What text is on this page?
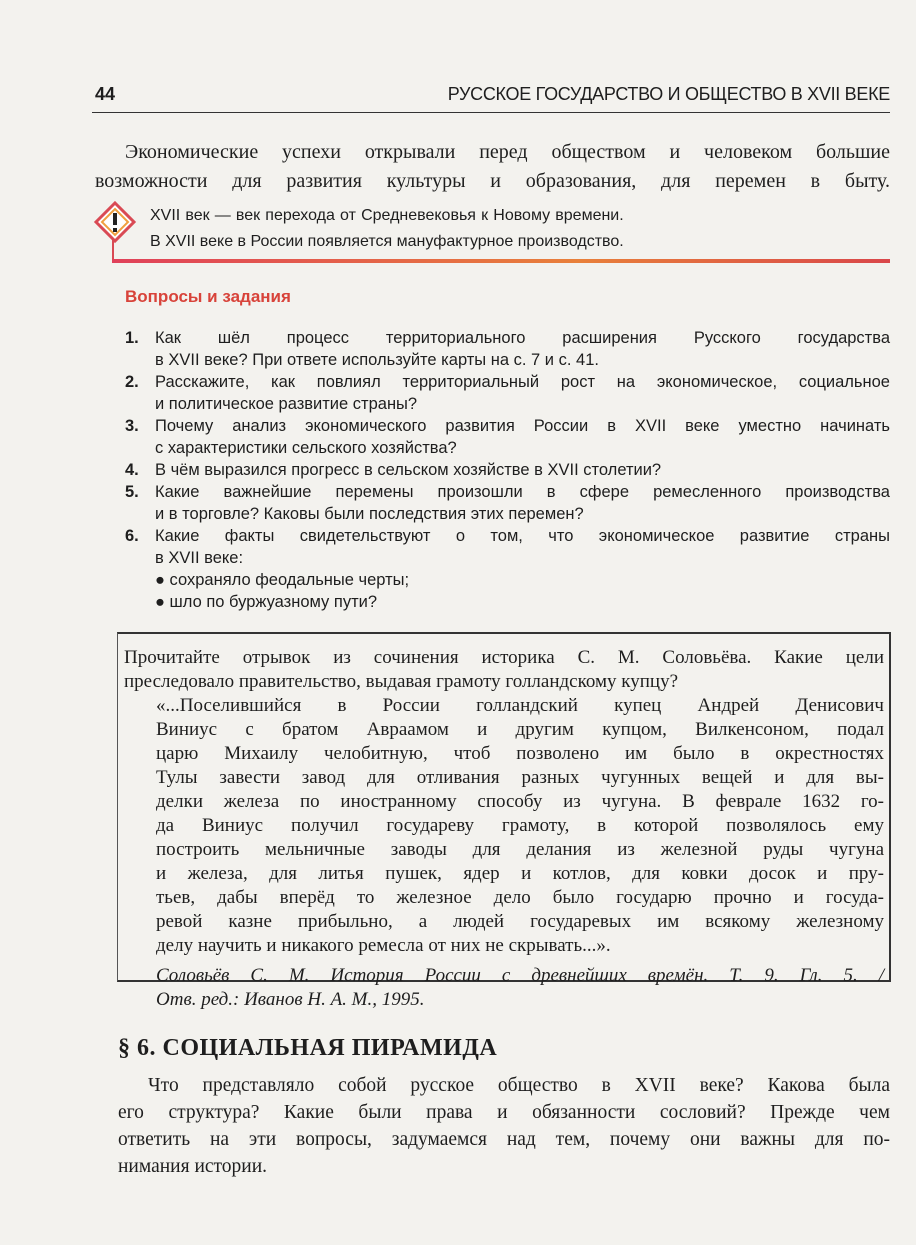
44	РУССКОЕ ГОСУДАРСТВО И ОБЩЕСТВО В XVII ВЕКЕ
Экономические успехи открывали перед обществом и человеком большие
возможности для развития культуры и образования, для перемен в быту.
XVII век — век перехода от Средневековья к Новому времени.
В XVII веке в России появляется мануфактурное производство.
Вопросы и задания
1. Как шёл процесс территориального расширения Русского государства
в XVII веке? При ответе используйте карты на с. 7 и с. 41.
2. Расскажите, как повлиял территориальный рост на экономическое, социальное
и политическое развитие страны?
3. Почему анализ экономического развития России в XVII веке уместно начинать
с характеристики сельского хозяйства?
4. В чём выразился прогресс в сельском хозяйстве в XVII столетии?
5. Какие важнейшие перемены произошли в сфере ремесленного производства
и в торговле? Каковы были последствия этих перемен?
6. Какие факты свидетельствуют о том, что экономическое развитие страны
в XVII веке:
● сохраняло феодальные черты;
● шло по буржуазному пути?
Прочитайте отрывок из сочинения историка С. М. Соловьёва. Какие цели
преследовало правительство, выдавая грамоту голландскому купцу?
«...Поселившийся в России голландский купец Андрей Денисович
Виниус с братом Авраамом и другим купцом, Вилкенсоном, подал
царю Михаилу челобитную, чтоб позволено им было в окрестностях
Тулы завести завод для отливания разных чугунных вещей и для вы-
делки железа по иностранному способу из чугуна. В феврале 1632 го-
да Виниус получил государеву грамоту, в которой позволялось ему
построить мельничные заводы для делания из железной руды чугуна
и железа, для литья пушек, ядер и котлов, для ковки досок и пру-
тьев, дабы вперёд то железное дело было государю прочно и госуда-
ревой казне прибыльно, а людей государевых им всякому железному
делу научить и никакого ремесла от них не скрывать...».
Соловьёв С. М. История России с древнейших времён. Т. 9. Гл. 5. /
Отв. ред.: Иванов Н. А. М., 1995.
§ 6. СОЦИАЛЬНАЯ ПИРАМИДА
Что представляло собой русское общество в XVII веке? Какова была
его структура? Какие были права и обязанности сословий? Прежде чем
ответить на эти вопросы, задумаемся над тем, почему они важны для по-
нимания истории.
